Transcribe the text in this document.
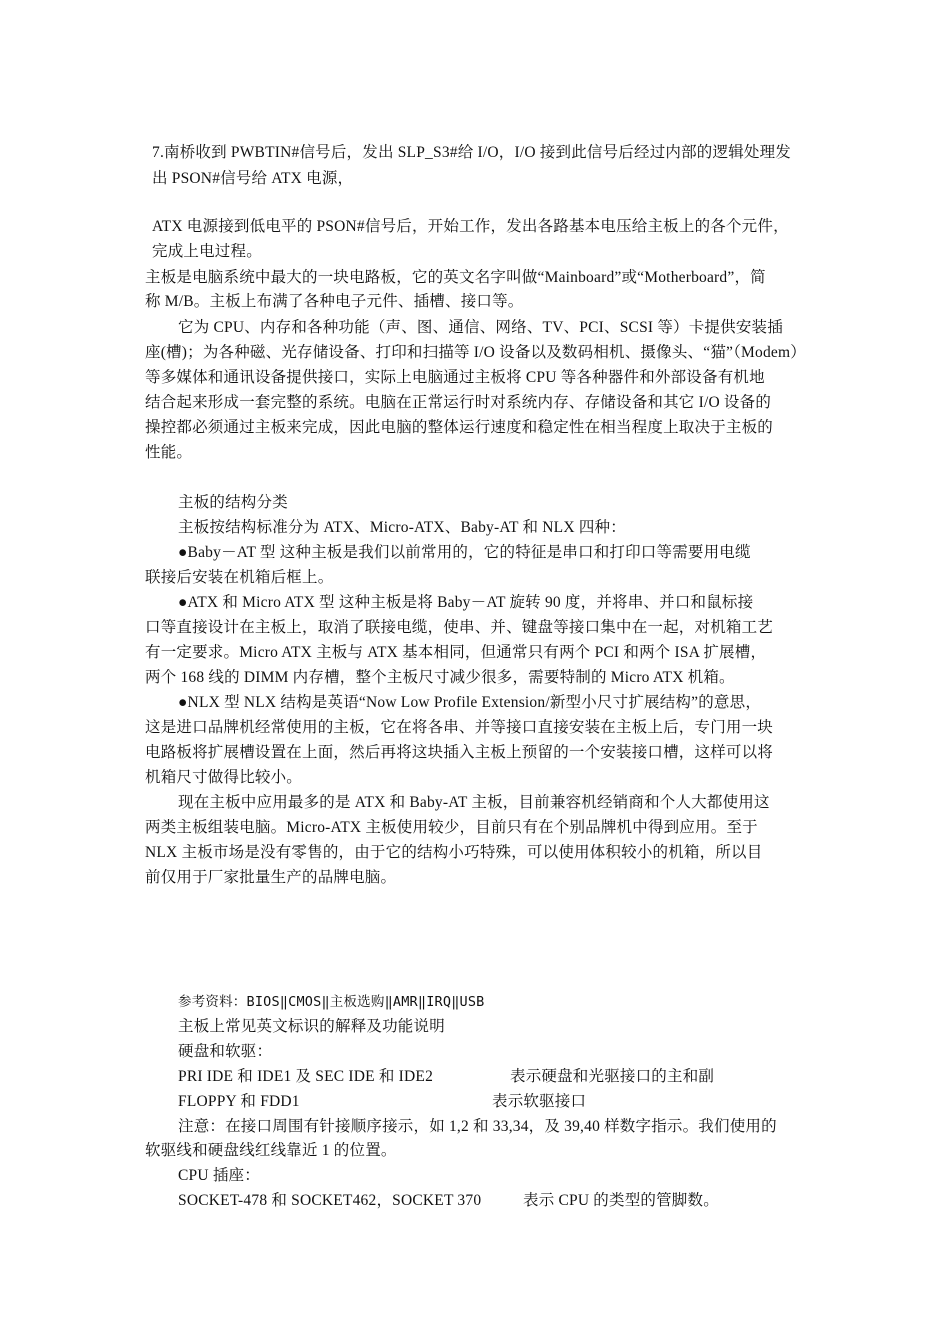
7.南桥收到 PWBTIN#信号后，发出 SLP_S3#给 I/O，I/O 接到此信号后经过内部的逻辑处理发
出 PSON#信号给 ATX 电源，
ATX 电源接到低电平的 PSON#信号后，开始工作，发出各路基本电压给主板上的各个元件，
完成上电过程。
主板是电脑系统中最大的一块电路板，它的英文名字叫做“Mainboard”或“Motherboard”，简
称 M/B。主板上布满了各种电子元件、插槽、接口等。
它为 CPU、内存和各种功能（声、图、通信、网络、TV、PCI、SCSI 等）卡提供安装插
座(槽)；为各种磁、光存储设备、打印和扫描等 I/O 设备以及数码相机、摄像头、“猫”（Modem）
等多媒体和通讯设备提供接口，实际上电脑通过主板将 CPU 等各种器件和外部设备有机地
结合起来形成一套完整的系统。电脑在正常运行时对系统内存、存储设备和其它 I/O 设备的
操控都必须通过主板来完成，因此电脑的整体运行速度和稳定性在相当程度上取决于主板的
性能。
主板的结构分类
主板按结构标准分为 ATX、Micro-ATX、Baby-AT 和 NLX 四种：
●Baby－AT 型 这种主板是我们以前常用的，它的特征是串口和打印口等需要用电缆
联接后安装在机箱后框上。
●ATX 和 Micro ATX 型 这种主板是将 Baby－AT 旋转 90 度，并将串、并口和鼠标接
口等直接设计在主板上，取消了联接电缆，使串、并、键盘等接口集中在一起，对机箱工艺
有一定要求。Micro ATX 主板与 ATX 基本相同，但通常只有两个 PCI 和两个 ISA 扩展槽，
两个 168 线的 DIMM 内存槽，整个主板尺寸减少很多，需要特制的 Micro ATX 机箱。
●NLX 型 NLX 结构是英语“Now Low Profile Extension/新型小尺寸扩展结构”的意思，
这是进口品牌机经常使用的主板，它在将各串、并等接口直接安装在主板上后，专门用一块
电路板将扩展槽设置在上面，然后再将这块插入主板上预留的一个安装接口槽，这样可以将
机箱尺寸做得比较小。
现在主板中应用最多的是 ATX 和 Baby-AT 主板，目前兼容机经销商和个人大都使用这
两类主板组装电脑。Micro-ATX 主板使用较少，目前只有在个别品牌机中得到应用。至于
NLX 主板市场是没有零售的，由于它的结构小巧特殊，可以使用体积较小的机箱，所以目
前仅用于厂家批量生产的品牌电脑。
参考资料：BIOS‖CMOS‖主板选购‖AMR‖IRQ‖USB
主板上常见英文标识的解释及功能说明
硬盘和软驱：
PRI IDE 和 IDE1 及 SEC IDE 和 IDE2	表示硬盘和光驱接口的主和副
FLOPPY 和 FDD1	表示软驱接口
注意：在接口周围有针接顺序接示，如 1,2 和 33,34，及 39,40 样数字指示。我们使用的
软驱线和硬盘线红线靠近 1 的位置。
CPU 插座：
SOCKET-478 和 SOCKET462，SOCKET 370	表示 CPU 的类型的管脚数。
